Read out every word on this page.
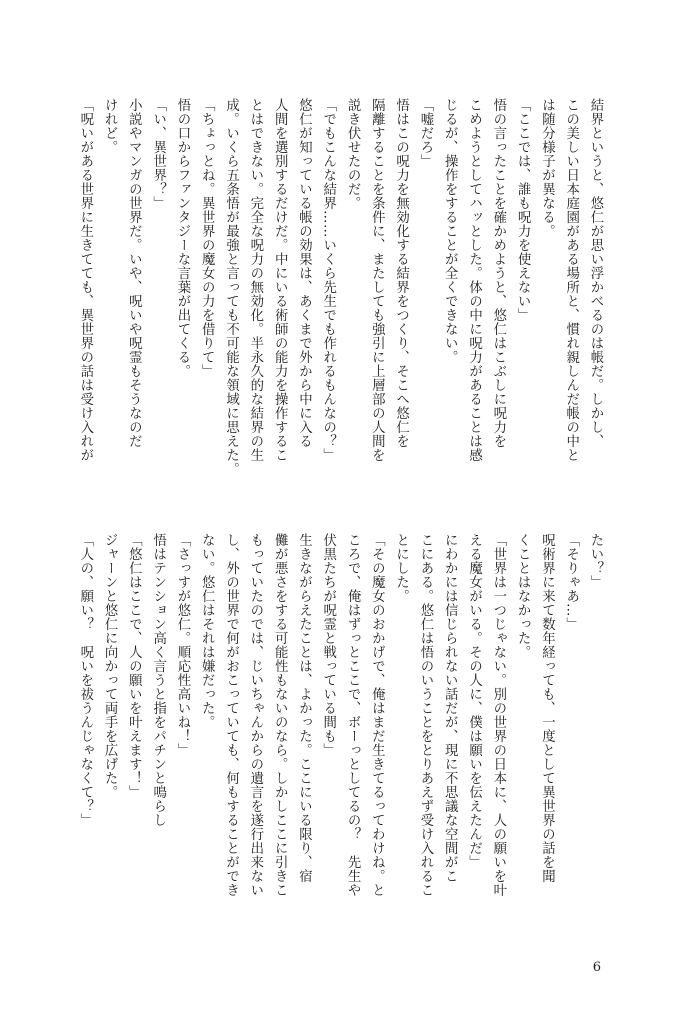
結界というと、悠仁が思い浮かべるのは帳だ。しかし、
この美しい日本庭園がある場所と、慣れ親しんだ帳の中と
は随分様子が異なる。
「ここでは、誰も呪力を使えない」
悟の言ったことを確かめようと、悠仁はこぶしに呪力を
こめようとしてハッとした。体の中に呪力があることは感
じるが、操作をすることが全くできない。
「嘘だろ」
悟はこの呪力を無効化する結界をつくり、そこへ悠仁を
隔離することを条件に、またしても強引に上層部の人間を
説き伏せたのだ。
「でもこんな結界……いくら先生でも作れるもんなの？」
悠仁が知っている帳の効果は、あくまで外から中に入る
人間を選別するだけだ。中にいる術師の能力を操作するこ
とはできない。完全な呪力の無効化。半永久的な結界の生
成。いくら五条悟が最強と言っても不可能な領域に思えた。
「ちょっとね。異世界の魔女の力を借りて」
悟の口からファンタジーな言葉が出てくる。
「い、異世界？」
小説やマンガの世界だ。いや、呪いや呪霊もそうなのだ
けれど。
「呪いがある世界に生きてても、異世界の話は受け入れが
たい？」
「そりゃあ…」
呪術界に来て数年経っても、一度として異世界の話を聞
くことはなかった。
「世界は一つじゃない。別の世界の日本に、人の願いを叶
える魔女がいる。その人に、僕は願いを伝えたんだ」
にわかには信じられない話だが、現に不思議な空間がこ
こにある。悠仁は悟のいうことをとりあえず受け入れるこ
とにした。
「その魔女のおかげで、俺はまだ生きてるってわけね。と
ころで、俺はずっとここで、ボーっとしてるの？　先生や
伏黒たちが呪霊と戦っている間も」
生きながらえたことは、よかった。ここにいる限り、宿
儺が悪さをする可能性もないのなら。しかしここに引きこ
もっていたのでは、じいちゃんからの遺言を遂行出来ない
し、外の世界で何がおこっていても、何もすることができ
ない。悠仁はそれは嫌だった。
「さっすが悠仁。順応性高いね！」
悟はテンション高く言うと指をパチンと鳴らし
「悠仁はここで、人の願いを叶えます！」
ジャーンと悠仁に向かって両手を広げた。
「人の、願い？　呪いを祓うんじゃなくて？」
6
